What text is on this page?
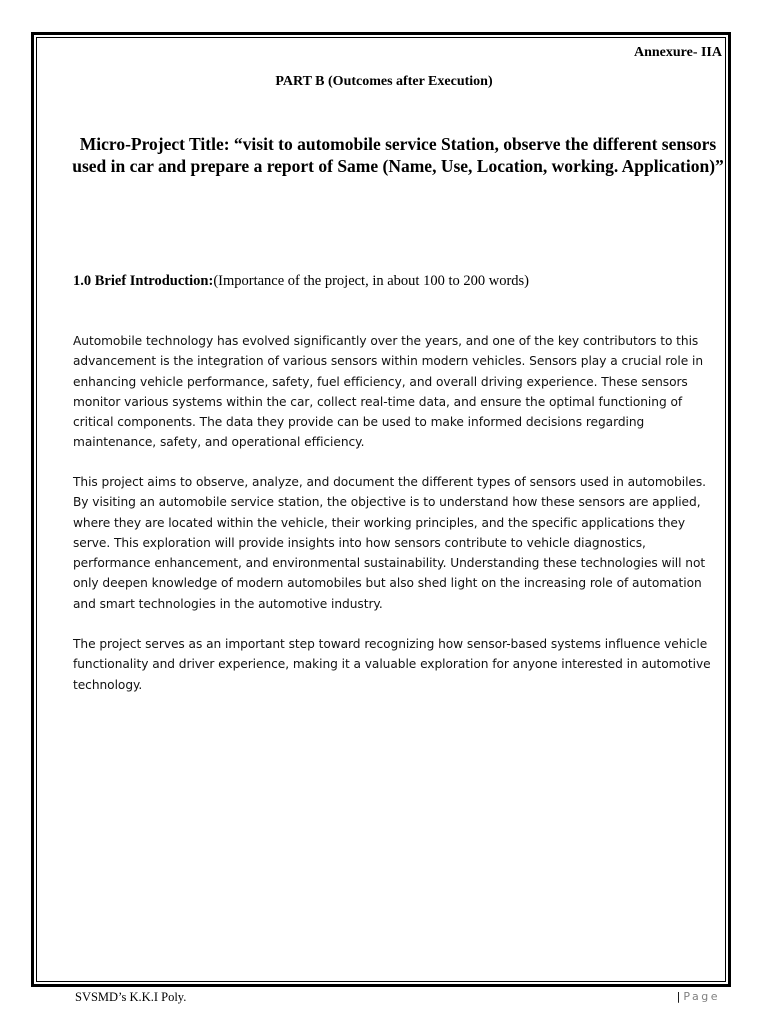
Annexure- IIA
PART B (Outcomes after Execution)
Micro-Project Title: “visit to automobile service Station, observe the different sensors used in car and prepare a report of Same (Name, Use, Location, working. Application)”
1.0 Brief Introduction:(Importance of the project, in about 100 to 200 words)

Automobile technology has evolved significantly over the years, and one of the key contributors to this advancement is the integration of various sensors within modern vehicles. Sensors play a crucial role in enhancing vehicle performance, safety, fuel efficiency, and overall driving experience. These sensors monitor various systems within the car, collect real-time data, and ensure the optimal functioning of critical components. The data they provide can be used to make informed decisions regarding maintenance, safety, and operational efficiency.

This project aims to observe, analyze, and document the different types of sensors used in automobiles. By visiting an automobile service station, the objective is to understand how these sensors are applied, where they are located within the vehicle, their working principles, and the specific applications they serve. This exploration will provide insights into how sensors contribute to vehicle diagnostics, performance enhancement, and environmental sustainability. Understanding these technologies will not only deepen knowledge of modern automobiles but also shed light on the increasing role of automation and smart technologies in the automotive industry.

The project serves as an important step toward recognizing how sensor-based systems influence vehicle functionality and driver experience, making it a valuable exploration for anyone interested in automotive technology.

SVSMD’s K.K.I Poly.	| Page
